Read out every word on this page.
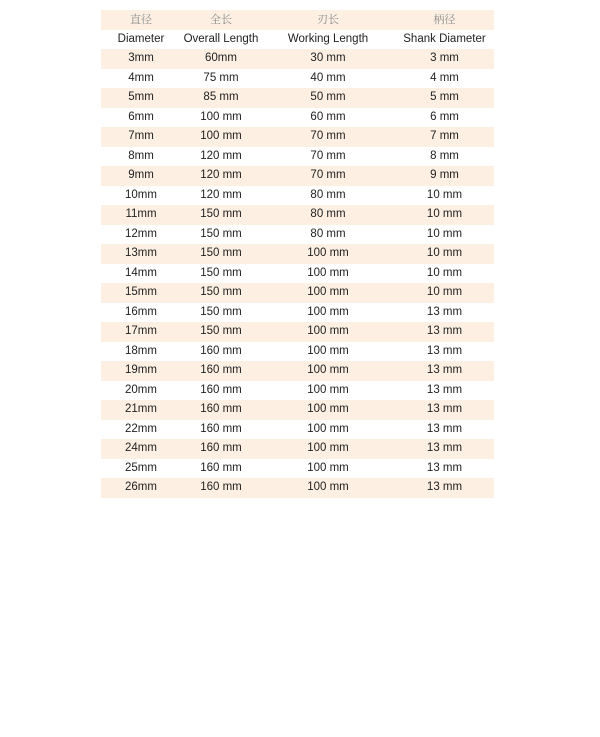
直径	全长	刃长	柄径
Diameter	Overall Length	Working Length	Shank Diameter
3mm	60mm	30 mm	3 mm
4mm	75 mm	40 mm	4 mm
5mm	85 mm	50 mm	5 mm
6mm	100 mm	60 mm	6 mm
7mm	100 mm	70 mm	7 mm
8mm	120 mm	70 mm	8 mm
9mm	120 mm	70 mm	9 mm
10mm	120 mm	80 mm	10 mm
11mm	150 mm	80 mm	10 mm
12mm	150 mm	80 mm	10 mm
13mm	150 mm	100 mm	10 mm
14mm	150 mm	100 mm	10 mm
15mm	150 mm	100 mm	10 mm
16mm	150 mm	100 mm	13 mm
17mm	150 mm	100 mm	13 mm
18mm	160 mm	100 mm	13 mm
19mm	160 mm	100 mm	13 mm
20mm	160 mm	100 mm	13 mm
21mm	160 mm	100 mm	13 mm
22mm	160 mm	100 mm	13 mm
24mm	160 mm	100 mm	13 mm
25mm	160 mm	100 mm	13 mm
26mm	160 mm	100 mm	13 mm
